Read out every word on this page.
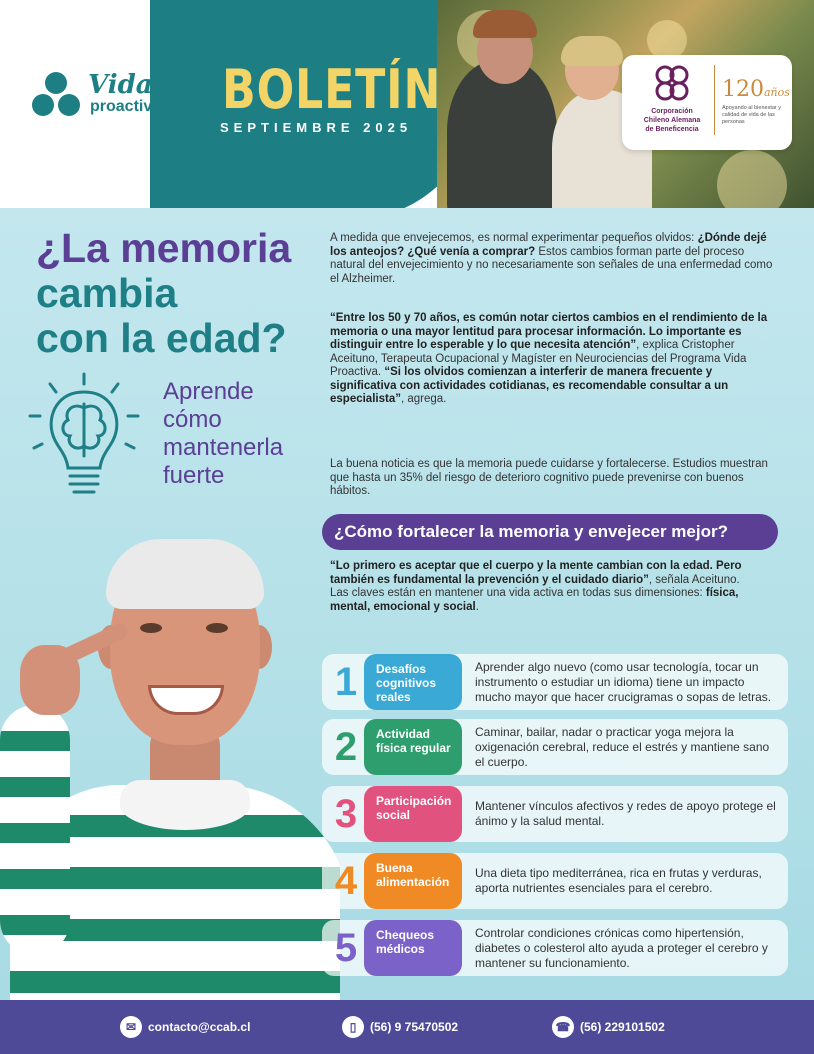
Vida
proactiva BOLETÍN
SEPTIEMBRE 2025
Corporación
Chileno Alemana
de Beneficencia
120años
Apoyando al bienestar y calidad de vida de las personas
¿La memoria
cambia
con la edad?
Aprende cómo mantenerla fuerte
A medida que envejecemos, es normal experimentar pequeños olvidos: ¿Dónde dejé los anteojos? ¿Qué venía a comprar? Estos cambios forman parte del proceso natural del envejecimiento y no necesariamente son señales de una enfermedad como el Alzheimer.
“Entre los 50 y 70 años, es común notar ciertos cambios en el rendimiento de la memoria o una mayor lentitud para procesar información. Lo importante es distinguir entre lo esperable y lo que necesita atención”, explica Cristopher Aceituno, Terapeuta Ocupacional y Magíster en Neurociencias del Programa Vida Proactiva. “Si los olvidos comienzan a interferir de manera frecuente y significativa con actividades cotidianas, es recomendable consultar a un especialista”, agrega.
La buena noticia es que la memoria puede cuidarse y fortalecerse. Estudios muestran que hasta un 35% del riesgo de deterioro cognitivo puede prevenirse con buenos hábitos.
¿Cómo fortalecer la memoria y envejecer mejor?
“Lo primero es aceptar que el cuerpo y la mente cambian con la edad. Pero también es fundamental la prevención y el cuidado diario”, señala Aceituno.
Las claves están en mantener una vida activa en todas sus dimensiones: física, mental, emocional y social.
1	Desafíos cognitivos reales
Aprender algo nuevo (como usar tecnología, tocar un instrumento o estudiar un idioma) tiene un impacto mucho mayor que hacer crucigramas o sopas de letras.
2	Actividad física regular
Caminar, bailar, nadar o practicar yoga mejora la oxigenación cerebral, reduce el estrés y mantiene sano el cuerpo.
3	Participación social
Mantener vínculos afectivos y redes de apoyo protege el ánimo y la salud mental.
4	Buena alimentación
Una dieta tipo mediterránea, rica en frutas y verduras, aporta nutrientes esenciales para el cerebro.
5	Chequeos médicos
Controlar condiciones crónicas como hipertensión, diabetes o colesterol alto ayuda a proteger el cerebro y mantener su funcionamiento.
✉ contacto@ccab.cl	▯	(56) 9 75470502	☎ (56) 229101502
